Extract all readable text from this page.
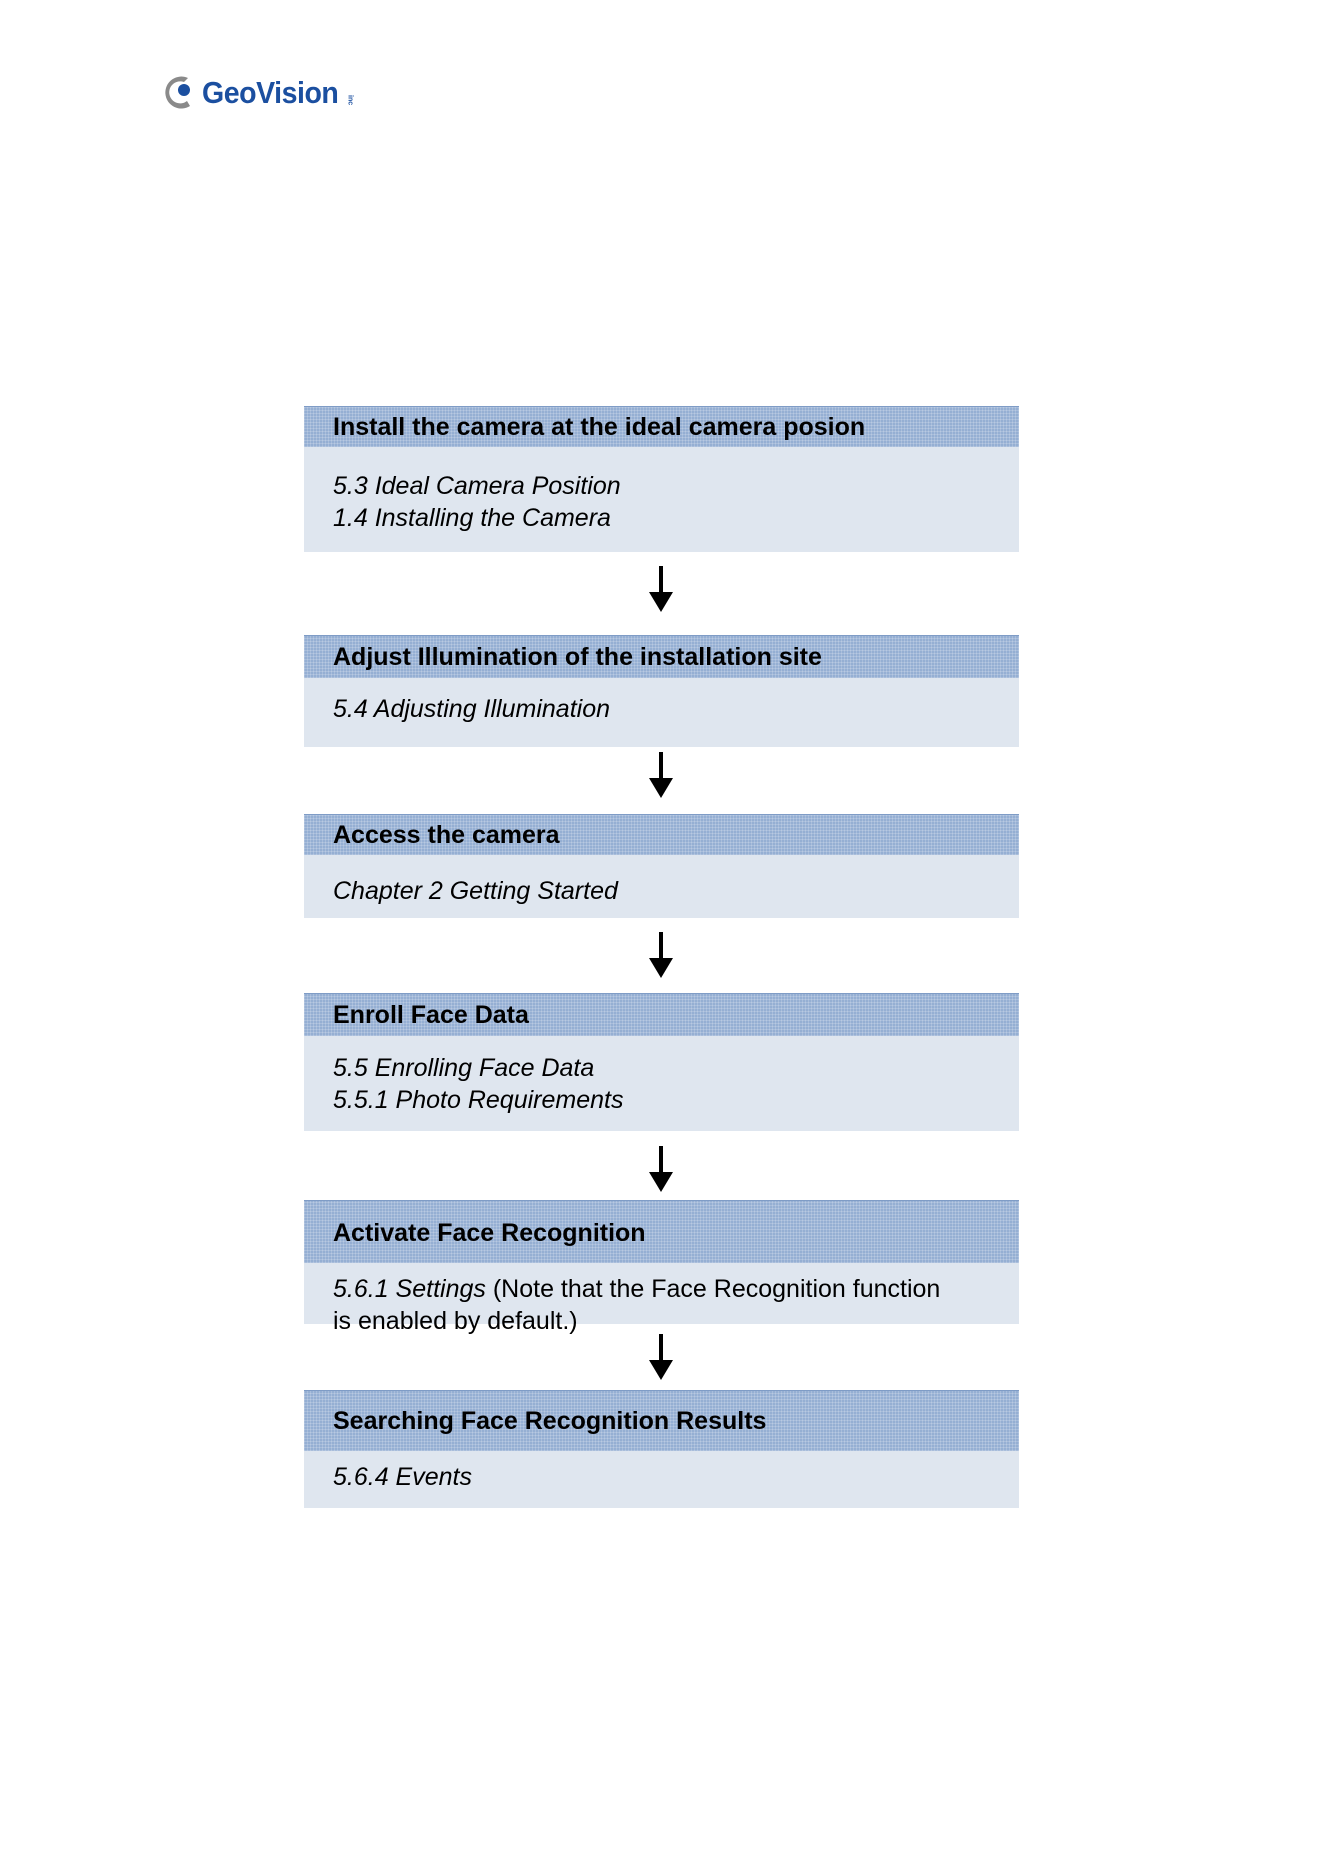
GeoVision inc
Install the camera at the ideal camera posion
5.3 Ideal Camera Position
1.4 Installing the Camera
Adjust Illumination of the installation site
5.4 Adjusting Illumination
Access the camera
Chapter 2 Getting Started
Enroll Face Data
5.5 Enrolling Face Data
5.5.1 Photo Requirements
Activate Face Recognition
5.6.1 Settings (Note that the Face Recognition function
is enabled by default.)
Searching Face Recognition Results
5.6.4 Events
